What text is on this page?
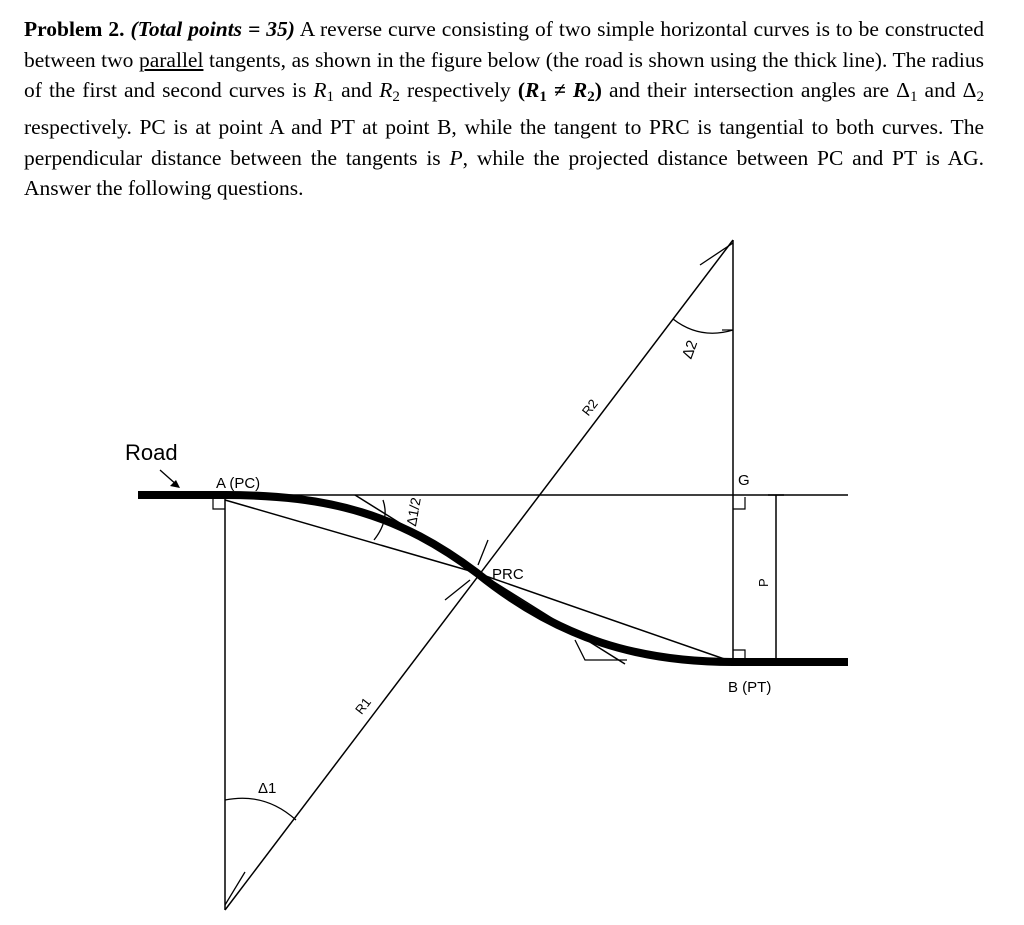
Problem 2. (Total points = 35) A reverse curve consisting of two simple horizontal curves is to be constructed between two parallel tangents, as shown in the figure below (the road is shown using the thick line). The radius of the first and second curves is $R_1$ and $R_2$ respectively $(R_1 \ne R_2)$ and their intersection angles are $\Delta_1$ and $\Delta_2$ respectively. PC is at point A and PT at point B, while the tangent to PRC is tangential to both curves. The perpendicular distance between the tangents is P, while the projected distance between PC and PT is AG. Answer the following questions.
Road
A (PC)	G
PRC
B (PT)
R1
R2
P
Δ1
Δ2
Δ1/2
